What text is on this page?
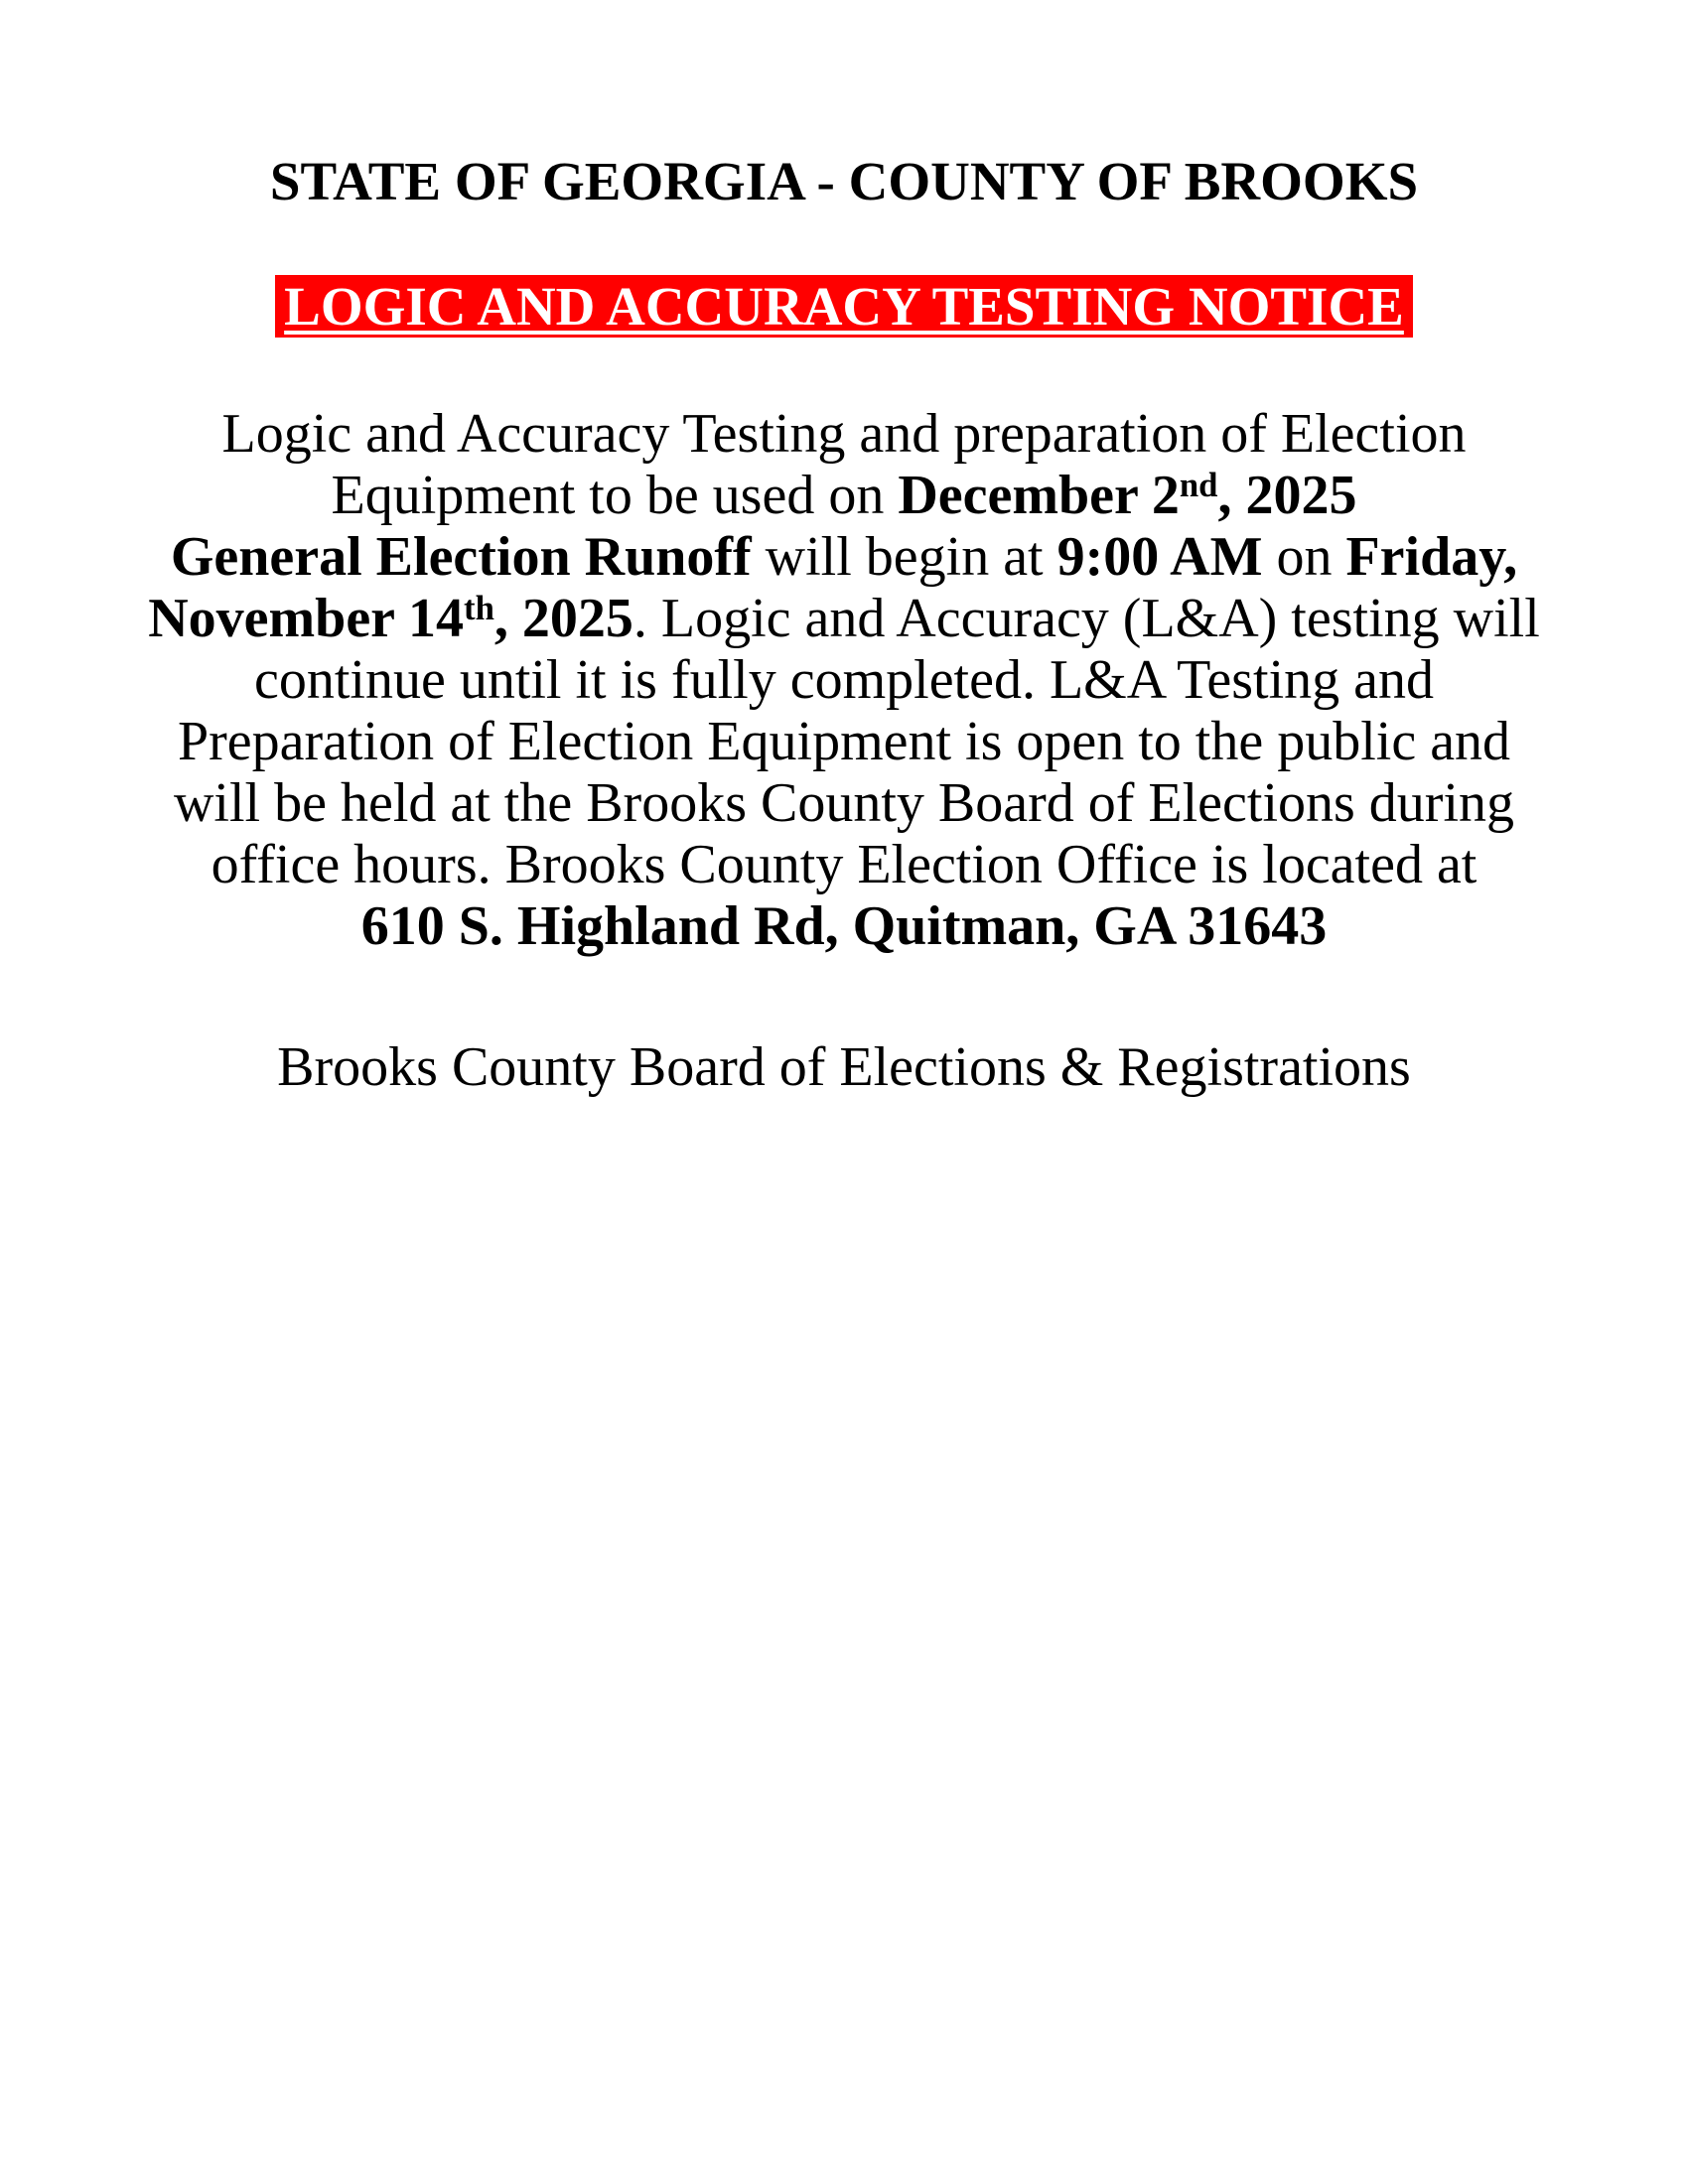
STATE OF GEORGIA - COUNTY OF BROOKS
LOGIC AND ACCURACY TESTING NOTICE
Logic and Accuracy Testing and preparation of Election
Equipment to be used on December 2nd, 2025
General Election Runoff will begin at 9:00 AM on Friday,
November 14th, 2025. Logic and Accuracy (L&A) testing will
continue until it is fully completed. L&A Testing and
Preparation of Election Equipment is open to the public and
will be held at the Brooks County Board of Elections during
office hours. Brooks County Election Office is located at
610 S. Highland Rd, Quitman, GA 31643

Brooks County Board of Elections & Registrations
